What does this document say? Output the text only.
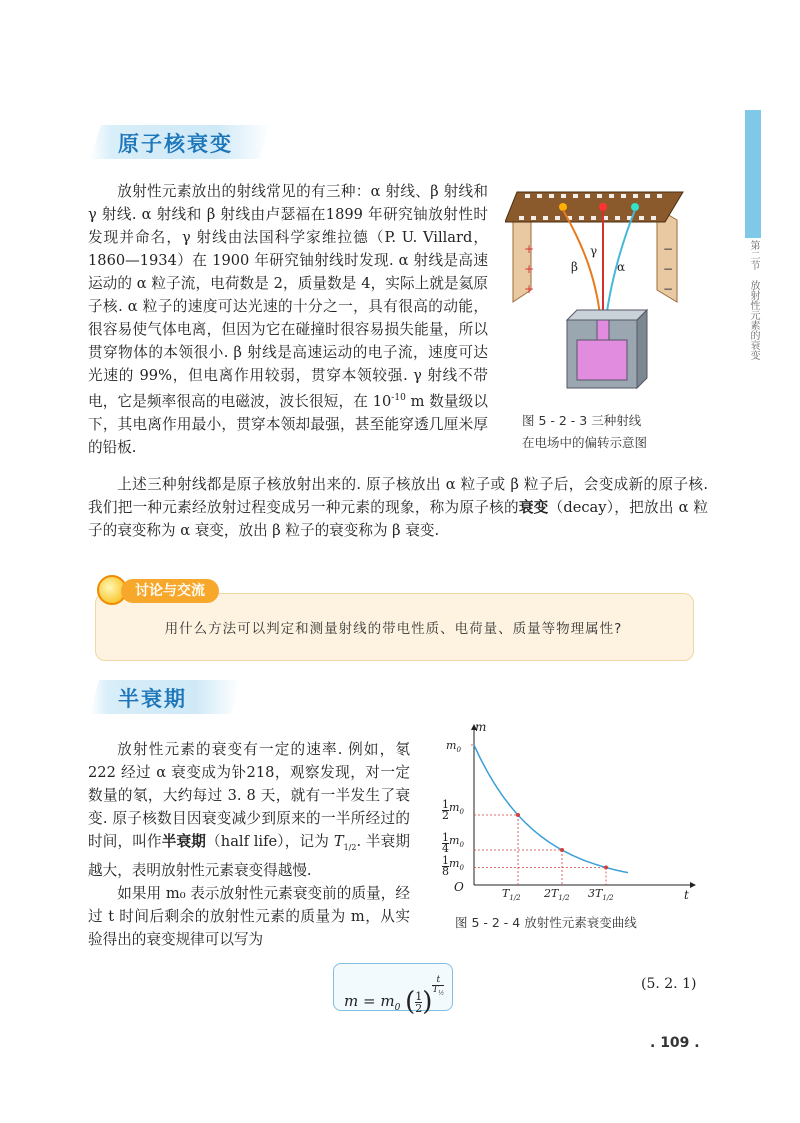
第二节
放射性元素的衰变
原子核衰变

放射性元素放出的射线常见的有三种：α 射线、β 射线和 γ 射线. α 射线和 β 射线由卢瑟福在1899 年研究铀放射性时发现并命名，γ 射线由法国科学家维拉德（P. U. Villard，1860—1934）在 1900 年研究铀射线时发现. α 射线是高速运动的 α 粒子流，电荷数是 2，质量数是 4，实际上就是氦原子核. α 粒子的速度可达光速的十分之一，具有很高的动能，很容易使气体电离，但因为它在碰撞时很容易损失能量，所以贯穿物体的本领很小. β 射线是高速运动的电子流，速度可达光速的 99%，但电离作用较弱，贯穿本领较强. γ 射线不带电，它是频率很高的电磁波，波长很短，在 $10^{-10}$ m 数量级以下，其电离作用最小，贯穿本领却最强，甚至能穿透几厘米厚的铅板.

+
+
+
−
−
−
γ
β	α
图 5 - 2 - 3 三种射线
在电场中的偏转示意图

上述三种射线都是原子核放射出来的. 原子核放出 α 粒子或 β 粒子后，会变成新的原子核. 我们把一种元素经放射过程变成另一种元素的现象，称为原子核的衰变（decay），把放出 α 粒子的衰变称为 α 衰变，放出 β 粒子的衰变称为 β 衰变.

讨论与交流
用什么方法可以判定和测量射线的带电性质、电荷量、质量等物理属性?
半衰期

放射性元素的衰变有一定的速率. 例如，氡222 经过 α 衰变成为钋218，观察发现，对一定数量的氡，大约每过 3. 8 天，就有一半发生了衰变. 原子核数目因衰变减少到原来的一半所经过的时间，叫作半衰期（half life），记为 $T_{1/2}$. 半衰期越大，表明放射性元素衰变得越慢.

如果用 m₀ 表示放射性元素衰变前的质量，经过 t 时间后剩余的放射性元素的质量为 m，从实验得出的衰变规律可以写为

m
t
O
$m_0$
$\frac{1}{2} m_0$
$\frac{1}{4} m_0$
$\frac{1}{8} m_0$
$T_{1/2}$ $2T_{1/2}$ $3T_{1/2}$
图 5 - 2 - 4 放射性元素衰变曲线
$m = m_0$ ( $\frac{1}{2}$ )
$^{\frac{t}{T_{\frac{1}{2}}}}$	(5. 2. 1)
. 109 .
